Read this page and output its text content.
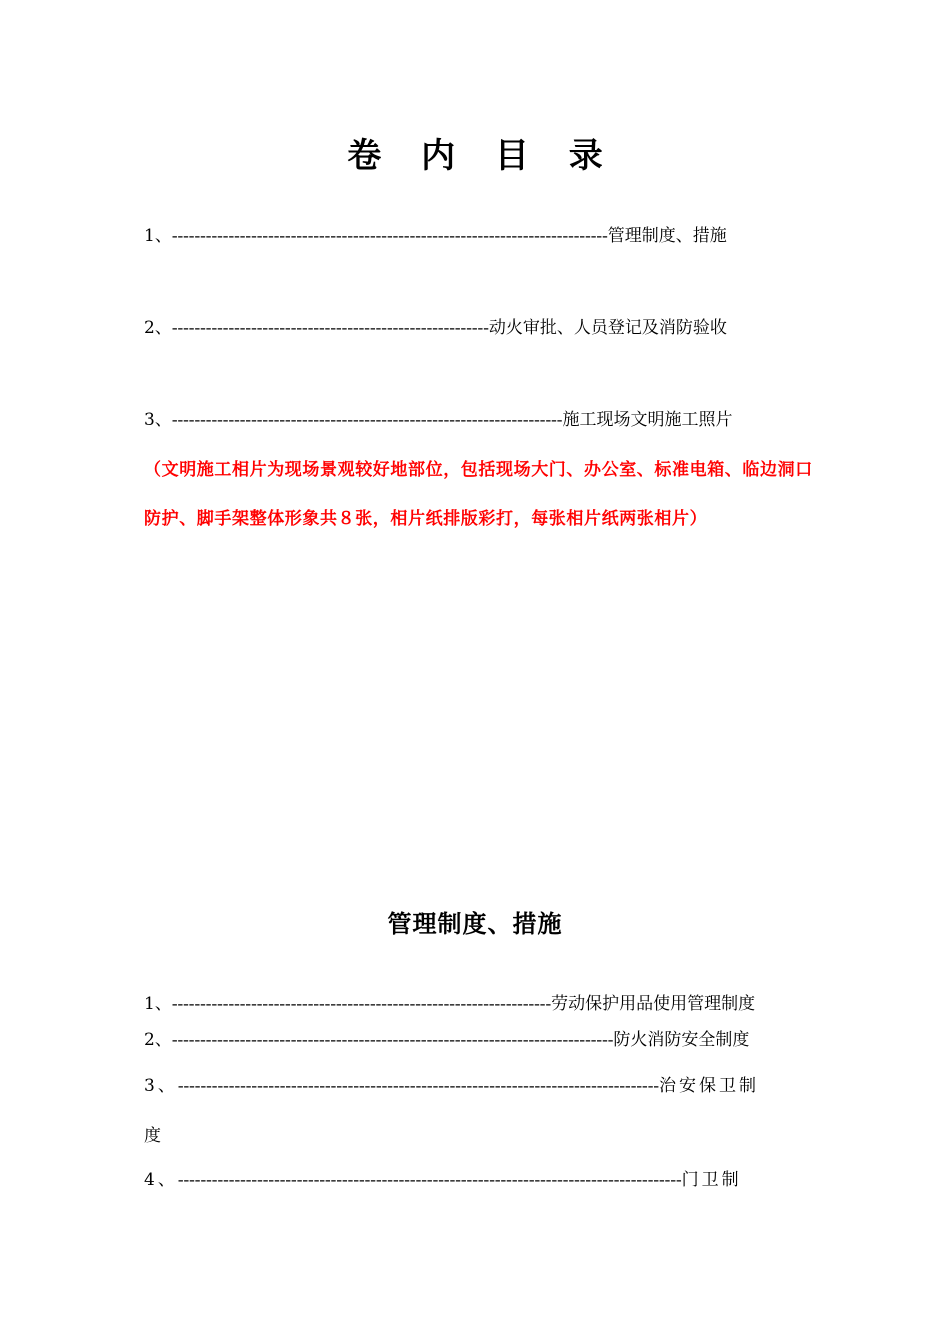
卷 内 目 录
1、-----------------------------------------------------------------------------管理制度、措施
2、--------------------------------------------------------动火审批、人员登记及消防验收
3、---------------------------------------------------------------------施工现场文明施工照片
（文明施工相片为现场景观较好地部位，包括现场大门、办公室、标准电箱、临边洞口防护、脚手架整体形象共８张，相片纸排版彩打，每张相片纸两张相片）
管理制度、措施
1、-------------------------------------------------------------------劳动保护用品使用管理制度
2、------------------------------------------------------------------------------防火消防安全制度
3、-------------------------------------------------------------------------------------治安保卫制
度
4、-----------------------------------------------------------------------------------------门卫制
